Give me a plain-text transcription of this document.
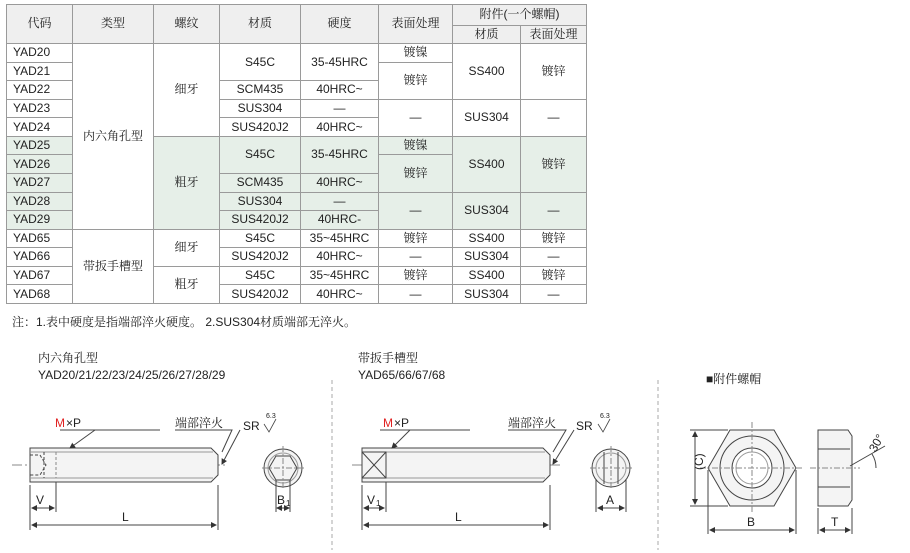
代码	类型	螺纹	材质	硬度	表面处理	附件(一个螺帽)	
						材质	表面处理
YAD20	内六角孔型	细牙	S45C	35-45HRC	镀镍	SS400	镀锌
YAD21					镀锌		
YAD22			SCM435	40HRC~			
YAD23			SUS304	—	—	SUS304	—
YAD24			SUS420J2	40HRC~			
YAD25		粗牙	S45C	35-45HRC	镀镍	SS400	镀锌
YAD26					镀锌		
YAD27			SCM435	40HRC~			
YAD28			SUS304	—	—	SUS304	—
YAD29			SUS420J2	40HRC-			
YAD65	带扳手槽型	细牙	S45C	35~45HRC	镀锌	SS400	镀锌
YAD66			SUS420J2	40HRC~	—	SUS304	—
YAD67		粗牙	S45C	35~45HRC	镀锌	SS400	镀锌
YAD68			SUS420J2	40HRC~	—	SUS304	—
注：1.表中硬度是指端部淬火硬度。 2.SUS304材质端部无淬火。
内六角孔型
YAD20/21/22/23/24/25/26/27/28/29
带扳手槽型
YAD65/66/67/68	■附件螺帽
M ×P	端部淬火 SR
6.3
V
L
B 1
M ×P	端部淬火 SR
6.3
V 1
L
A
(C)
B	T
30°
